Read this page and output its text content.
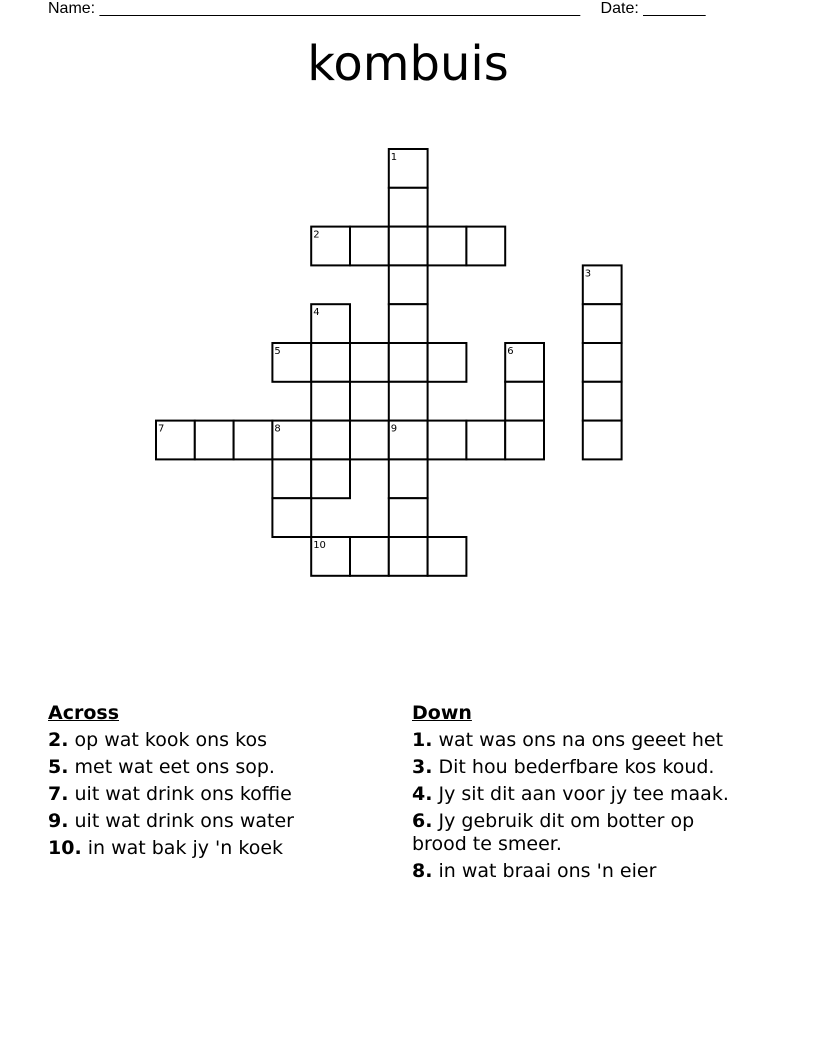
Name: ______________________________________________________ Date: _______
kombuis
1
2
3
4
5	6
7	8	9
10
Across
2. op wat kook ons kos
5. met wat eet ons sop.
7. uit wat drink ons koffie
9. uit wat drink ons water
10. in wat bak jy 'n koek
Down
1. wat was ons na ons geeet het
3. Dit hou bederfbare kos koud.
4. Jy sit dit aan voor jy tee maak.
6. Jy gebruik dit om botter op brood te smeer.
8. in wat braai ons 'n eier
